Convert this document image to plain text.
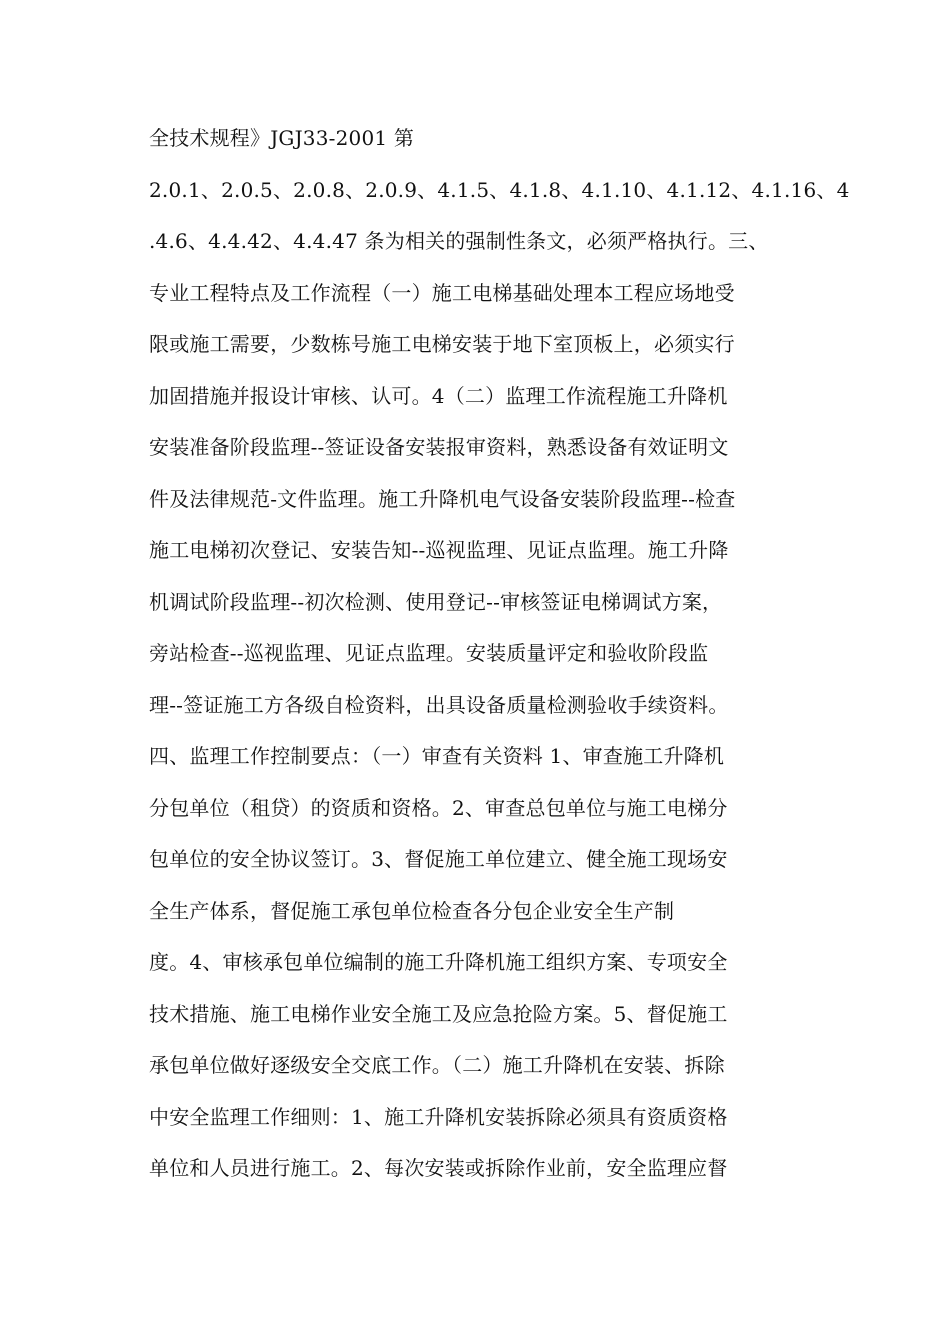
全技术规程》JGJ33-2001 第
2.0.1、2.0.5、2.0.8、2.0.9、4.1.5、4.1.8、4.1.10、4.1.12、4.1.16、4
.4.6、4.4.42、4.4.47 条为相关的强制性条文，必须严格执行。三、
专业工程特点及工作流程（一）施工电梯基础处理本工程应场地受
限或施工需要，少数栋号施工电梯安装于地下室顶板上，必须实行
加固措施并报设计审核、认可。4（二）监理工作流程施工升降机
安装准备阶段监理--签证设备安装报审资料，熟悉设备有效证明文
件及法律规范-文件监理。施工升降机电气设备安装阶段监理--检查
施工电梯初次登记、安装告知--巡视监理、见证点监理。施工升降
机调试阶段监理--初次检测、使用登记--审核签证电梯调试方案，
旁站检查--巡视监理、见证点监理。安装质量评定和验收阶段监
理--签证施工方各级自检资料，出具设备质量检测验收手续资料。
四、监理工作控制要点：（一）审查有关资料 1、审查施工升降机
分包单位（租贷）的资质和资格。2、审查总包单位与施工电梯分
包单位的安全协议签订。3、督促施工单位建立、健全施工现场安
全生产体系，督促施工承包单位检查各分包企业安全生产制
度。4、审核承包单位编制的施工升降机施工组织方案、专项安全
技术措施、施工电梯作业安全施工及应急抢险方案。5、督促施工
承包单位做好逐级安全交底工作。（二）施工升降机在安装、拆除
中安全监理工作细则：1、施工升降机安装拆除必须具有资质资格
单位和人员进行施工。2、每次安装或拆除作业前，安全监理应督
